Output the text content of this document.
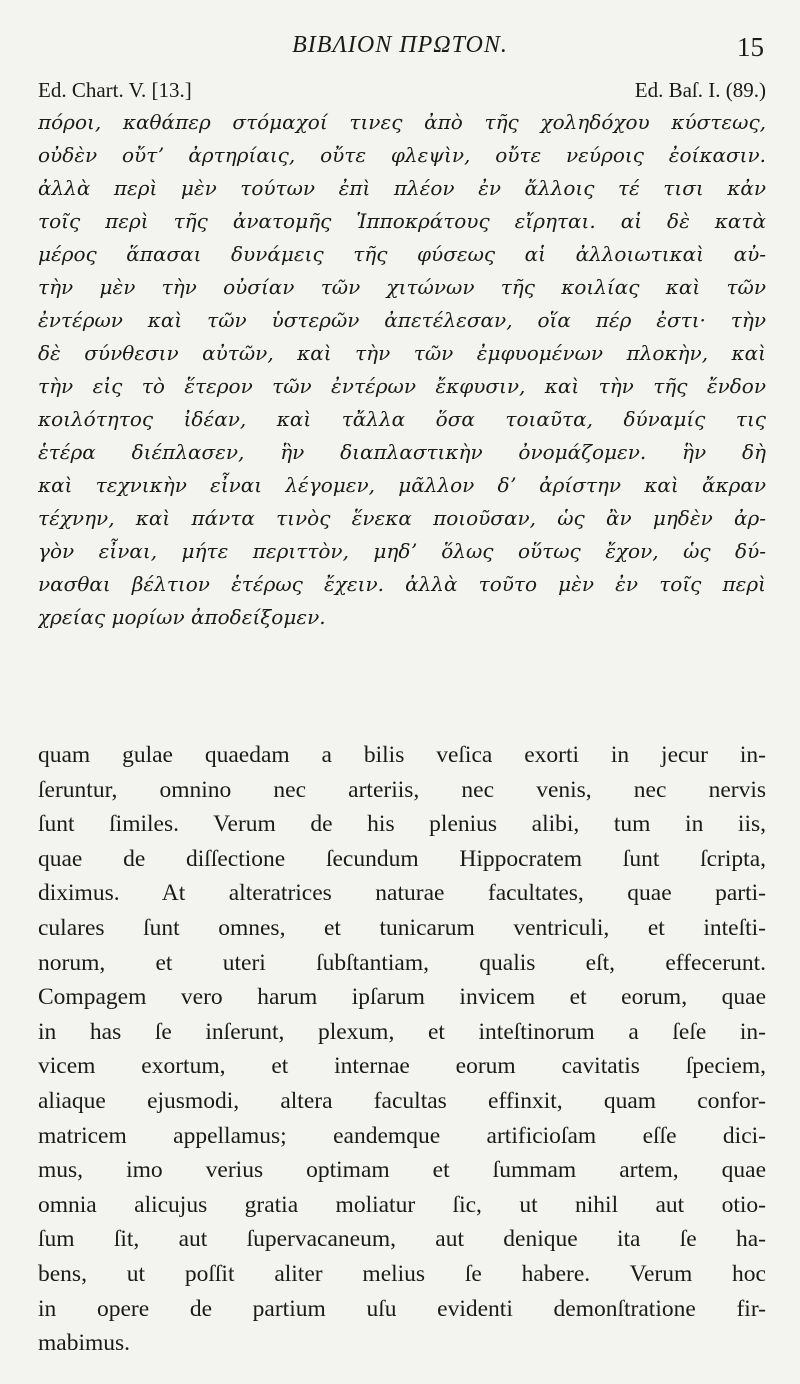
BIBΛΙΟΝ ΠΡΩΤΟΝ.	15
Ed. Chart. V. [13.]	Ed. Baſ. I. (89.)
πόροι, καθάπερ στόμαχοί τινες ἀπὸ τῆς χοληδόχου κύστεως,
οὐδὲν οὔτʼ ἀρτηρίαις, οὔτε φλεψὶν, οὔτε νεύροις ἐοίκασιν.
ἀλλὰ περὶ μὲν τούτων ἐπὶ πλέον ἐν ἄλλοις τέ τισι κἀν
τοῖς περὶ τῆς ἀνατομῆς Ἱπποκράτους εἴρηται. αἱ δὲ κατὰ
μέρος ἅπασαι δυνάμεις τῆς φύσεως αἱ ἀλλοιωτικαὶ αὐ-
τὴν μὲν τὴν οὐσίαν τῶν χιτώνων τῆς κοιλίας καὶ τῶν
ἐντέρων καὶ τῶν ὑστερῶν ἀπετέλεσαν, οἵα πέρ ἐστι· τὴν
δὲ σύνθεσιν αὐτῶν, καὶ τὴν τῶν ἐμφυομένων πλοκὴν, καὶ
τὴν εἰς τὸ ἕτερον τῶν ἐντέρων ἔκφυσιν, καὶ τὴν τῆς ἔνδον
κοιλότητος ἰδέαν, καὶ τἄλλα ὅσα τοιαῦτα, δύναμίς τις
ἑτέρα διέπλασεν, ἣν διαπλαστικὴν ὀνομάζομεν. ἣν δὴ
καὶ τεχνικὴν εἶναι λέγομεν, μᾶλλον δʼ ἀρίστην καὶ ἄκραν
τέχνην, καὶ πάντα τινὸς ἕνεκα ποιοῦσαν, ὡς ἂν μηδὲν ἀρ-
γὸν εἶναι, μήτε περιττὸν, μηδʼ ὅλως οὕτως ἔχον, ὡς δύ-
νασθαι βέλτιον ἑτέρως ἔχειν. ἀλλὰ τοῦτο μὲν ἐν τοῖς περὶ
χρείας μορίων ἀποδείξομεν.
quam gulae quaedam a bilis veſica exorti in jecur in-
ſeruntur, omnino nec arteriis, nec venis, nec nervis
ſunt ſimiles. Verum de his plenius alibi, tum in iis,
quae de diſſectione ſecundum Hippocratem ſunt ſcripta,
diximus. At alteratrices naturae facultates, quae parti-
culares ſunt omnes, et tunicarum ventriculi, et inteſti-
norum, et uteri ſubſtantiam, qualis eſt, effecerunt.
Compagem vero harum ipſarum invicem et eorum, quae
in has ſe inſerunt, plexum, et inteſtinorum a ſeſe in-
vicem exortum, et internae eorum cavitatis ſpeciem,
aliaque ejusmodi, altera facultas effinxit, quam confor-
matricem appellamus; eandemque artificioſam eſſe dici-
mus, imo verius optimam et ſummam artem, quae
omnia alicujus gratia moliatur ſic, ut nihil aut otio-
ſum ſit, aut ſupervacaneum, aut denique ita ſe ha-
bens, ut poſſit aliter melius ſe habere. Verum hoc
in opere de partium uſu evidenti demonſtratione fir-
mabimus.
